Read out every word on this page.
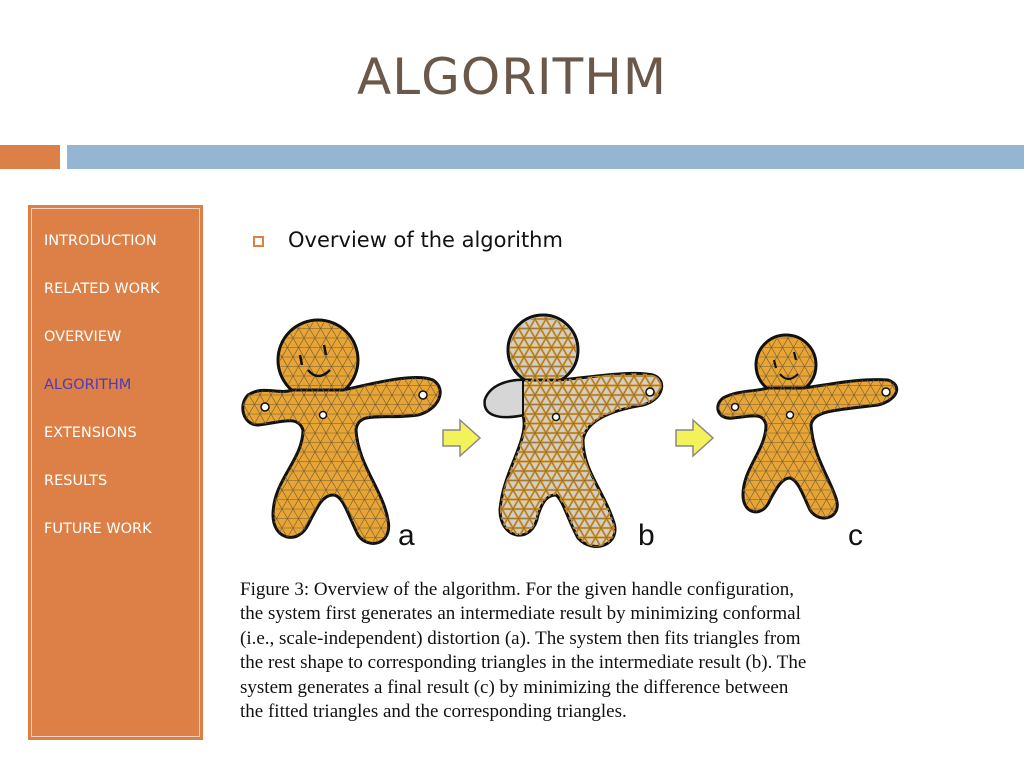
ALGORITHM
INTRODUCTION
RELATED WORK
OVERVIEW
ALGORITHM
EXTENSIONS
RESULTS
FUTURE WORK
Overview of the algorithm
a	b	c
Figure 3: Overview of the algorithm. For the given handle configuration,
the system first generates an intermediate result by minimizing conformal
(i.e., scale-independent) distortion (a). The system then fits triangles from
the rest shape to corresponding triangles in the intermediate result (b). The
system generates a final result (c) by minimizing the difference between
the fitted triangles and the corresponding triangles.
